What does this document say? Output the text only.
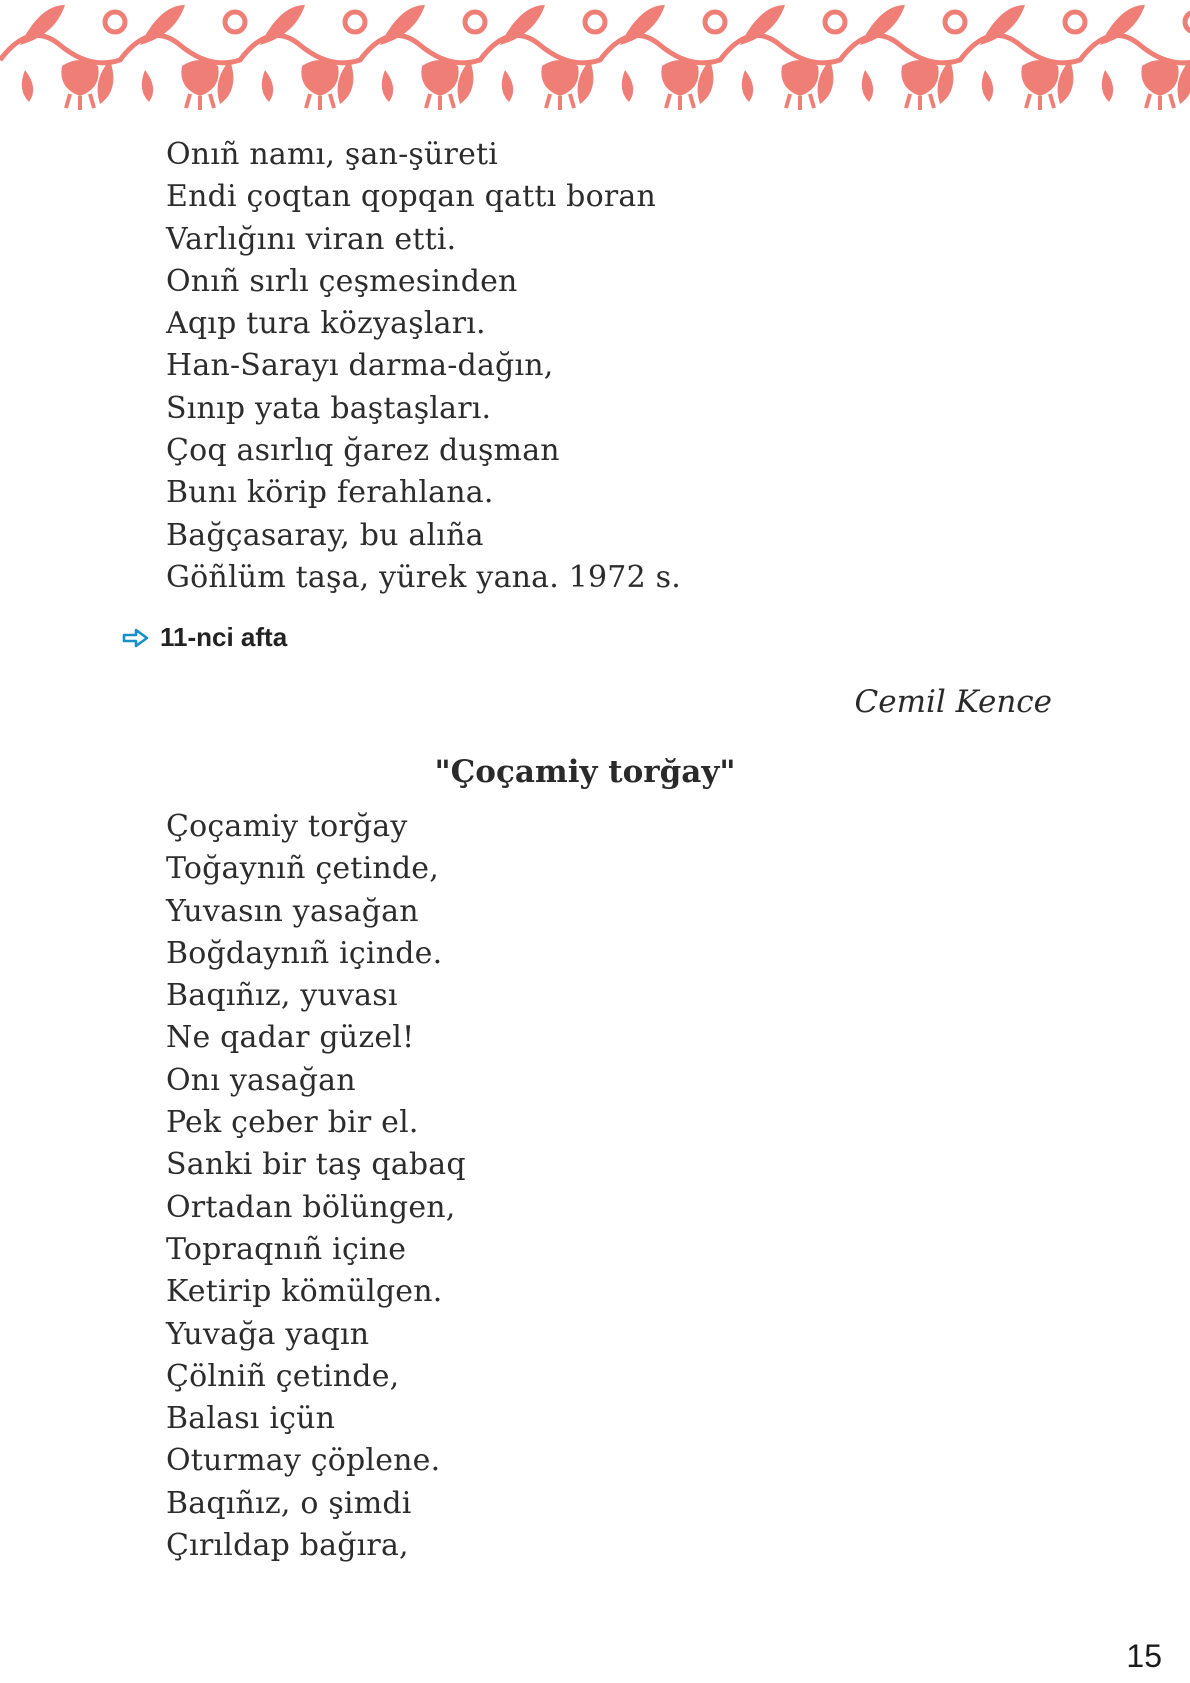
Onıñ namı, şan-şüreti
Endi çoqtan qopqan qattı boran
Varlığını viran etti.
Onıñ sırlı çeşmesinden
Aqıp tura közyaşları.
Han-Sarayı darma-dağın,
Sınıp yata baştaşları.
Çoq asırlıq ğarez duşman
Bunı körip ferahlana.
Bağçasaray, bu alıña
Göñlüm taşa, yürek yana. 1972 s.
11-nci afta
Cemil Kence
"Çoçamiy torğay"
Çoçamiy torğay
Toğaynıñ çetinde,
Yuvasın yasağan
Boğdaynıñ içinde.
Baqıñız, yuvası
Ne qadar güzel!
Onı yasağan
Pek çeber bir el.
Sanki bir taş qabaq
Ortadan bölüngen,
Topraqnıñ içine
Ketirip kömülgen.
Yuvağa yaqın
Çölniñ çetinde,
Balası içün
Oturmay çöplene.
Baqıñız, o şimdi
Çırıldap bağıra,
15
